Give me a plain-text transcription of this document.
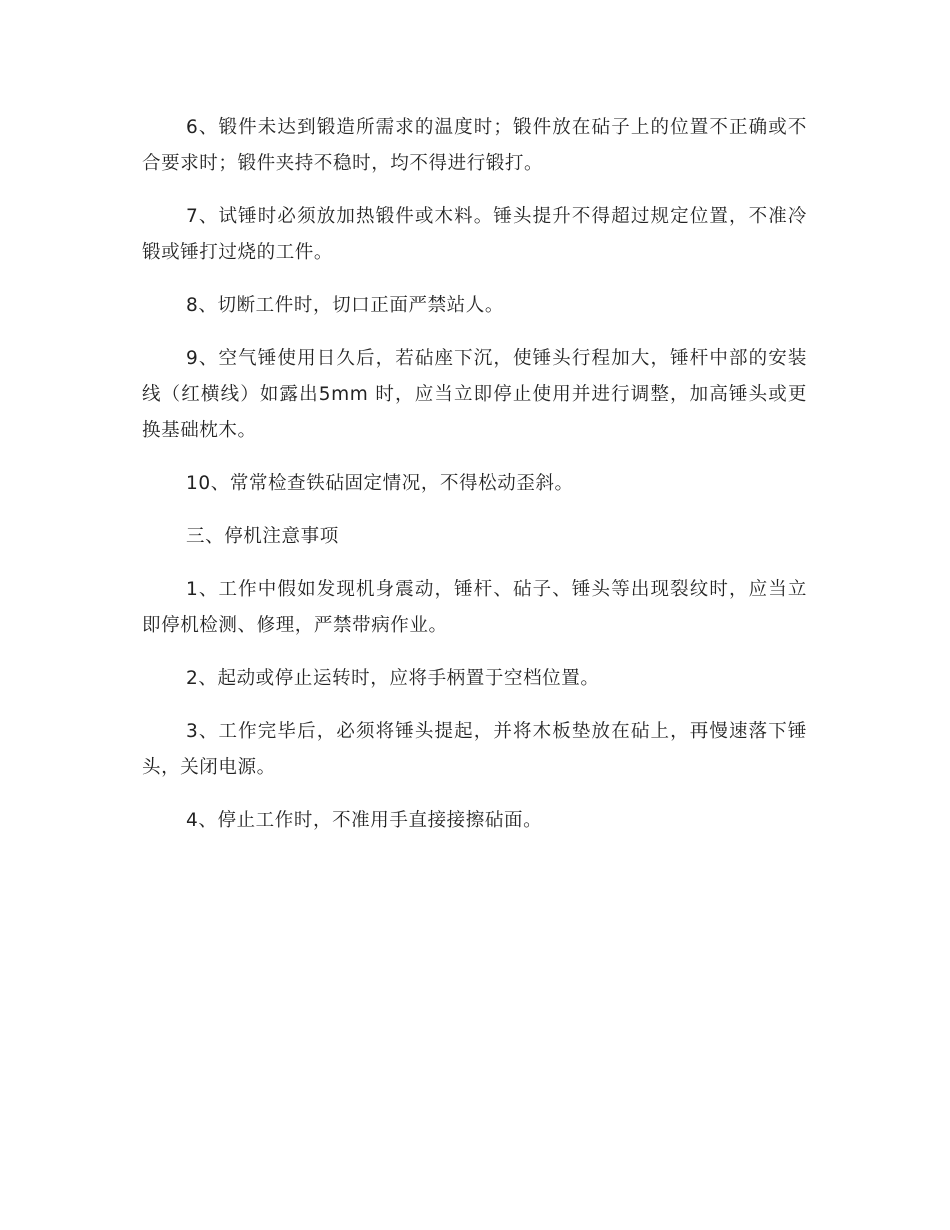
6、锻件未达到锻造所需求的温度时；锻件放在砧子上的位置不正确或不合要求时；锻件夹持不稳时，均不得进行锻打。

7、试锤时必须放加热锻件或木料。锤头提升不得超过规定位置，不准冷锻或锤打过烧的工件。

8、切断工件时，切口正面严禁站人。

9、空气锤使用日久后，若砧座下沉，使锤头行程加大，锤杆中部的安装线（红横线）如露出5mm 时，应当立即停止使用并进行调整，加高锤头或更换基础枕木。

10、常常检查铁砧固定情况，不得松动歪斜。

三、停机注意事项

1、工作中假如发现机身震动，锤杆、砧子、锤头等出现裂纹时，应当立即停机检测、修理，严禁带病作业。

2、起动或停止运转时，应将手柄置于空档位置。

3、工作完毕后，必须将锤头提起，并将木板垫放在砧上，再慢速落下锤头，关闭电源。

4、停止工作时，不准用手直接接擦砧面。
